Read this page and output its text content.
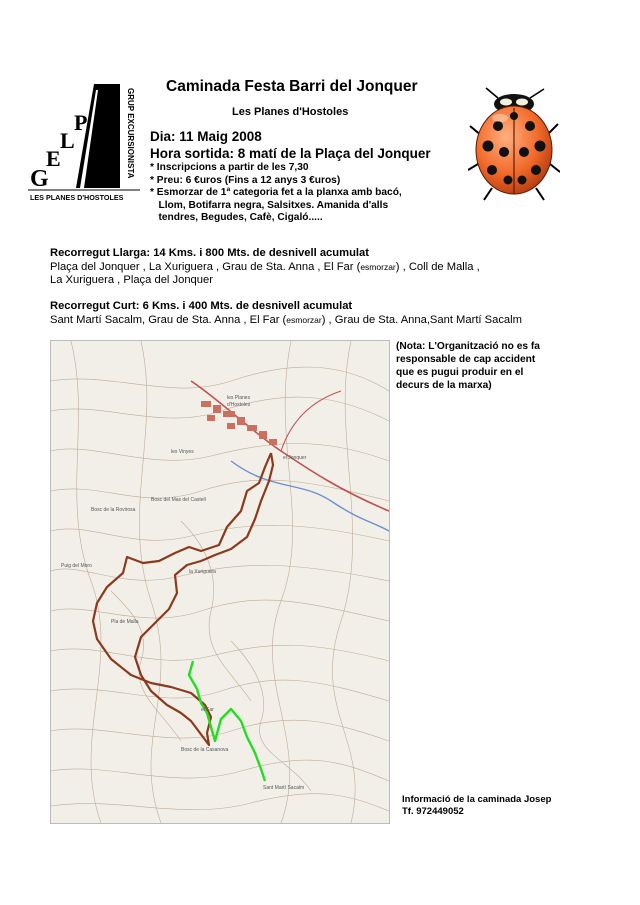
GRUP EXCURSIONISTA
P
L
E
G
LES PLANES D'HOSTOLES
Caminada Festa Barri del Jonquer
Les Planes d'Hostoles
Dia: 11 Maig 2008
Hora sortida: 8 matí de la Plaça del Jonquer
* Inscripcions a partir de les 7,30
* Preu: 6 €uros (Fins a 12 anys 3 €uros)
* Esmorzar de 1ª categoria fet a la planxa amb bacó,
Llom, Botifarra negra, Salsitxes. Amanida d'alls
tendres, Begudes, Cafè, Cigaló.....
Recorregut Llarga: 14 Kms. i 800 Mts. de desnivell acumulat
Plaça del Jonquer , La Xuriguera , Grau de Sta. Anna , El Far (esmorzar) , Coll de Malla ,
La Xuriguera , Plaça del Jonquer
Recorregut Curt: 6 Kms. i 400 Mts. de desnivell acumulat
Sant Martí Sacalm, Grau de Sta. Anna , El Far (esmorzar) , Grau de Sta. Anna,Sant Martí Sacalm
les Planes
d'Hostoles
el Jonquer
la Xuriguera
Pla de Malla
el Far
Sant Martí Sacalm
Bosc de la Casanova
Puig del Moro
Bosc del Mas del Castell
les Vinyes
Bosc de la Rovirosa
(Nota: L'Organització no es fa responsable de cap accident que es pugui produir en el decurs de la marxa)
Informació de la caminada Josep
Tf. 972449052
